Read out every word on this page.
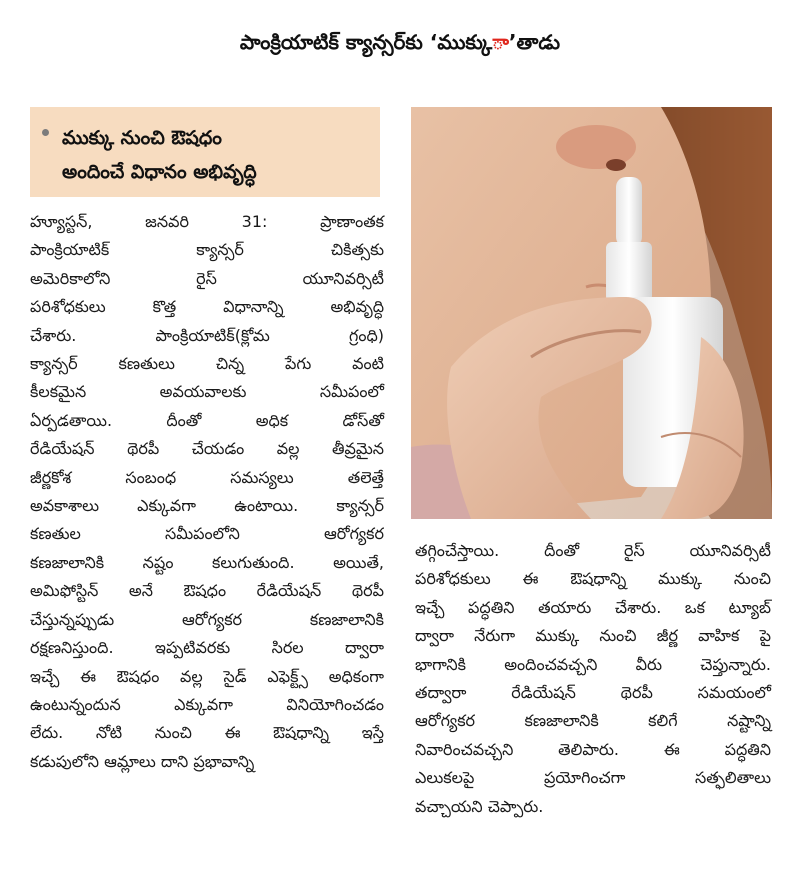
పాంక్రియాటిక్ క్యాన్సర్‌కు ‘ముక్కు ా ’తాడు
ముక్కు నుంచి ఔషధం
అందించే విధానం అభివృద్ధి
హ్యూస్టన్, జనవరి 31: ప్రాణాంతక
పాంక్రియాటిక్ క్యాన్సర్ చికిత్సకు
అమెరికాలోని రైస్ యూనివర్సిటీ
పరిశోధకులు కొత్త విధానాన్ని అభివృద్ధి
చేశారు. పాంక్రియాటిక్(క్లోమ గ్రంధి)
క్యాన్సర్ కణతులు చిన్న పేగు వంటి
కీలకమైన అవయవాలకు సమీపంలో
ఏర్పడతాయి. దీంతో అధిక డోస్‌తో
రేడియేషన్ థెరపీ చేయడం వల్ల తీవ్రమైన
జీర్ణకోశ సంబంధ సమస్యలు తలెత్తే
అవకాశాలు ఎక్కువగా ఉంటాయి. క్యాన్సర్
కణతుల సమీపంలోని ఆరోగ్యకర
కణజాలానికి నష్టం కలుగుతుంది. అయితే,
అమిఫోస్టిన్ అనే ఔషధం రేడియేషన్ థెరపీ
చేస్తున్నప్పుడు ఆరోగ్యకర కణజాలానికి
రక్షణనిస్తుంది. ఇప్పటివరకు సిరల ద్వారా
ఇచ్చే ఈ ఔషధం వల్ల సైడ్ ఎఫెక్ట్స్ అధికంగా
ఉంటున్నందున ఎక్కువగా వినియోగించడం
లేదు. నోటి నుంచి ఈ ఔషధాన్ని ఇస్తే
కడుపులోని ఆమ్లాలు దాని ప్రభావాన్ని
తగ్గించేస్తాయి. దీంతో రైస్ యూనివర్సిటీ
పరిశోధకులు ఈ ఔషధాన్ని ముక్కు నుంచి
ఇచ్చే పద్ధతిని తయారు చేశారు. ఒక ట్యూబ్
ద్వారా నేరుగా ముక్కు నుంచి జీర్ణ వాహిక పై
భాగానికి అందించవచ్చని వీరు చెప్తున్నారు.
తద్వారా రేడియేషన్ థెరపీ సమయంలో
ఆరోగ్యకర కణజాలానికి కలిగే నష్టాన్ని
నివారించవచ్చని తెలిపారు. ఈ పద్ధతిని
ఎలుకలపై ప్రయోగించగా సత్ఫలితాలు
వచ్చాయని చెప్పారు.
